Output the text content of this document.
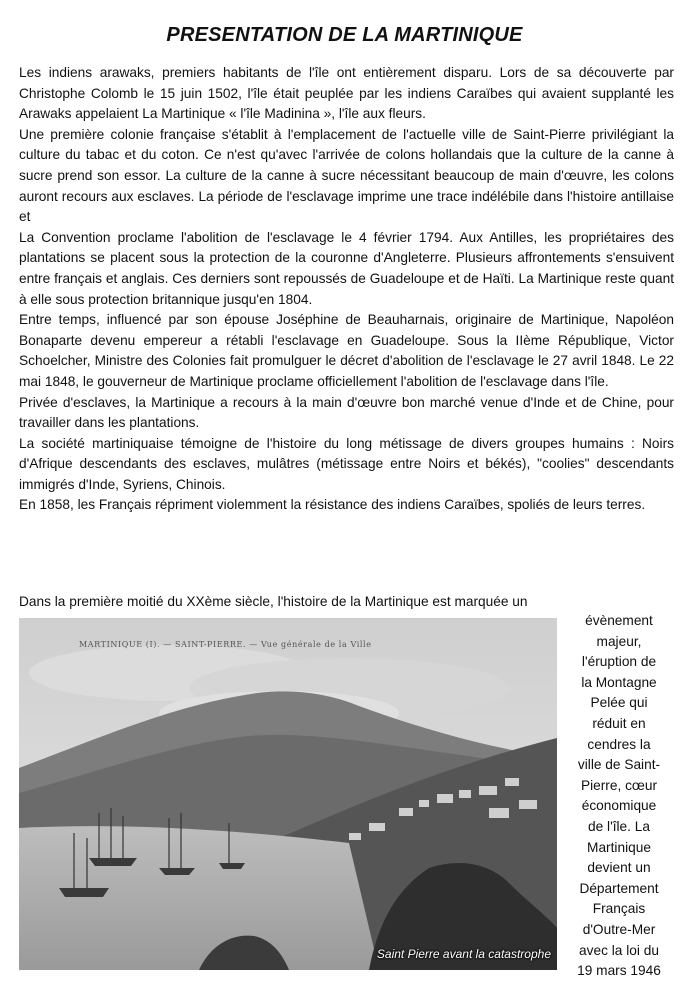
PRESENTATION DE LA MARTINIQUE

Les indiens arawaks, premiers habitants de l'île ont entièrement disparu. Lors de sa découverte par Christophe Colomb le 15 juin 1502, l'île était peuplée par les indiens Caraïbes qui avaient supplanté les Arawaks appelaient La Martinique « l'île Madinina », l'île aux fleurs.

Une première colonie française s'établit à l'emplacement de l'actuelle ville de Saint-Pierre privilégiant la culture du tabac et du coton. Ce n'est qu'avec l'arrivée de colons hollandais que la culture de la canne à sucre prend son essor. La culture de la canne à sucre nécessitant beaucoup de main d'œuvre, les colons auront recours aux esclaves. La période de l'esclavage imprime une trace indélébile dans l'histoire antillaise et

La Convention proclame l'abolition de l'esclavage le 4 février 1794. Aux Antilles, les propriétaires des plantations se placent sous la protection de la couronne d'Angleterre. Plusieurs affrontements s'ensuivent entre français et anglais. Ces derniers sont repoussés de Guadeloupe et de Haïti. La Martinique reste quant à elle sous protection britannique jusqu'en 1804.

Entre temps, influencé par son épouse Joséphine de Beauharnais, originaire de Martinique, Napoléon Bonaparte devenu empereur a rétabli l'esclavage en Guadeloupe. Sous la IIème République, Victor Schoelcher, Ministre des Colonies fait promulguer le décret d'abolition de l'esclavage le 27 avril 1848. Le 22 mai 1848, le gouverneur de Martinique proclame officiellement l'abolition de l'esclavage dans l'île.

Privée d'esclaves, la Martinique a recours à la main d'œuvre bon marché venue d'Inde et de Chine, pour travailler dans les plantations.

La société martiniquaise témoigne de l'histoire du long métissage de divers groupes humains : Noirs d'Afrique descendants des esclaves, mulâtres (métissage entre Noirs et békés), "coolies" descendants immigrés d'Inde, Syriens, Chinois.

En 1858, les Français répriment violemment la résistance des indiens Caraïbes, spoliés de leurs terres.

Dans la première moitié du XXème siècle, l'histoire de la Martinique est marquée un
MARTINIQUE (I). — SAINT-PIERRE. — Vue générale de la Ville
Saint Pierre avant la catastrophe
évènement
majeur,
l'éruption de
la Montagne
Pelée qui
réduit en
cendres la
ville de Saint-
Pierre, cœur
économique
de l'île. La
Martinique
devient un
Département
Français
d'Outre-Mer
avec la loi du
19 mars 1946
